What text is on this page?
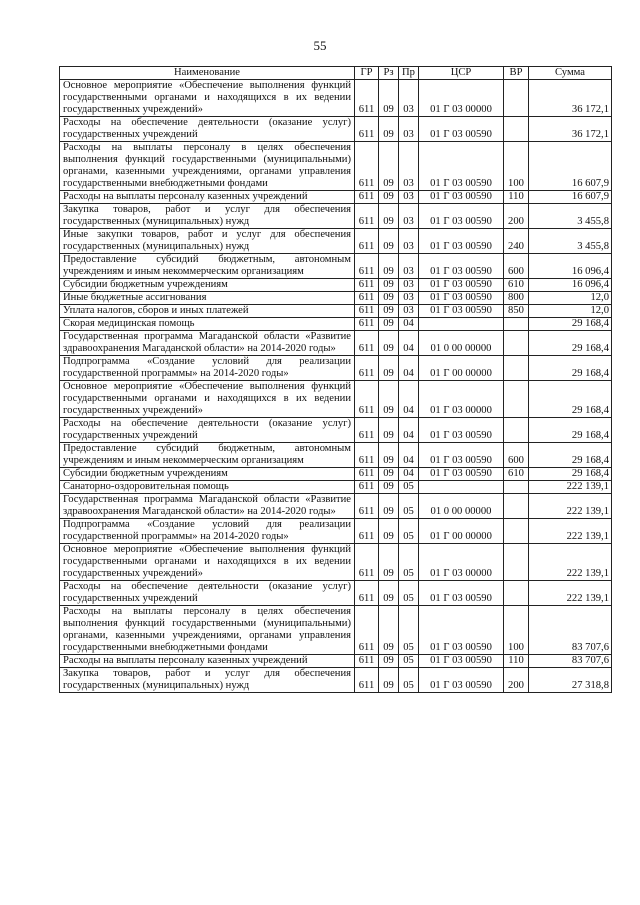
55
Наименование	ГР	Рз	Пр	ЦСР	ВР	Сумма
Основное мероприятие «Обеспечение выполнения функций государственными органами и находящихся в их ведении государственных учреждений»	611	09	03	01 Г 03 00000		36 172,1
Расходы на обеспечение деятельности (оказание услуг) государственных учреждений	611	09	03	01 Г 03 00590		36 172,1
Расходы на выплаты персоналу в целях обеспечения выполнения функций государственными (муниципальными) органами, казенными учреждениями, органами управления государственными внебюджетными фондами	611	09	03	01 Г 03 00590	100	16 607,9
Расходы на выплаты персоналу казенных учреждений	611	09	03	01 Г 03 00590	110	16 607,9
Закупка товаров, работ и услуг для обеспечения государственных (муниципальных) нужд	611	09	03	01 Г 03 00590	200	3 455,8
Иные закупки товаров, работ и услуг для обеспечения государственных (муниципальных) нужд	611	09	03	01 Г 03 00590	240	3 455,8
Предоставление субсидий бюджетным, автономным учреждениям и иным некоммерческим организациям	611	09	03	01 Г 03 00590	600	16 096,4
Субсидии бюджетным учреждениям	611	09	03	01 Г 03 00590	610	16 096,4
Иные бюджетные ассигнования	611	09	03	01 Г 03 00590	800	12,0
Уплата налогов, сборов и иных платежей	611	09	03	01 Г 03 00590	850	12,0
Скорая медицинская помощь	611	09	04			29 168,4
Государственная программа Магаданской области «Развитие здравоохранения Магаданской области» на 2014-2020 годы»	611	09	04	01 0 00 00000		29 168,4
Подпрограмма «Создание условий для реализации государственной программы» на 2014-2020 годы»	611	09	04	01 Г 00 00000		29 168,4
Основное мероприятие «Обеспечение выполнения функций государственными органами и находящихся в их ведении государственных учреждений»	611	09	04	01 Г 03 00000		29 168,4
Расходы на обеспечение деятельности (оказание услуг) государственных учреждений	611	09	04	01 Г 03 00590		29 168,4
Предоставление субсидий бюджетным, автономным учреждениям и иным некоммерческим организациям	611	09	04	01 Г 03 00590	600	29 168,4
Субсидии бюджетным учреждениям	611	09	04	01 Г 03 00590	610	29 168,4
Санаторно-оздоровительная помощь	611	09	05			222 139,1
Государственная программа Магаданской области «Развитие здравоохранения Магаданской области» на 2014-2020 годы»	611	09	05	01 0 00 00000		222 139,1
Подпрограмма «Создание условий для реализации государственной программы» на 2014-2020 годы»	611	09	05	01 Г 00 00000		222 139,1
Основное мероприятие «Обеспечение выполнения функций государственными органами и находящихся в их ведении государственных учреждений»	611	09	05	01 Г 03 00000		222 139,1
Расходы на обеспечение деятельности (оказание услуг) государственных учреждений	611	09	05	01 Г 03 00590		222 139,1
Расходы на выплаты персоналу в целях обеспечения выполнения функций государственными (муниципальными) органами, казенными учреждениями, органами управления государственными внебюджетными фондами	611	09	05	01 Г 03 00590	100	83 707,6
Расходы на выплаты персоналу казенных учреждений	611	09	05	01 Г 03 00590	110	83 707,6
Закупка товаров, работ и услуг для обеспечения государственных (муниципальных) нужд	611	09	05	01 Г 03 00590	200	27 318,8
